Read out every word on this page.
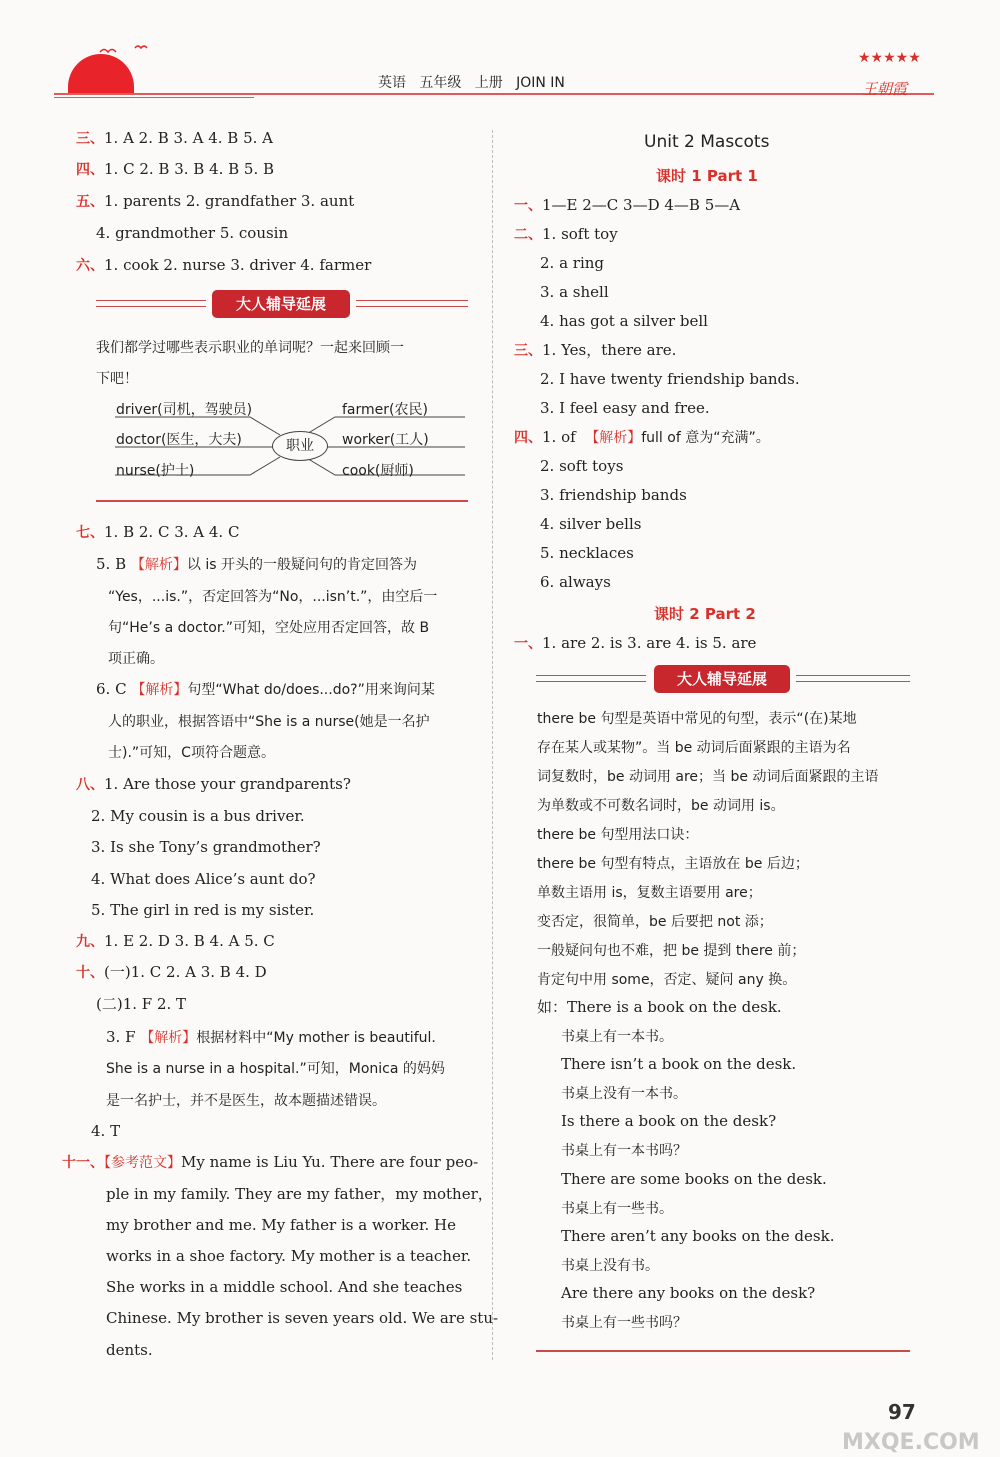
英语 五年级 上册 JOIN IN
★★★★★
王朝霞
三、1. A 2. B 3. A 4. B 5. A
四、1. C 2. B 3. B 4. B 5. B
五、1. parents 2. grandfather 3. aunt
4. grandmother 5. cousin
六、1. cook 2. nurse 3. driver 4. farmer
大人辅导延展
我们都学过哪些表示职业的单词呢？一起来回顾一
下吧！
职业
driver(司机，驾驶员)
doctor(医生，大夫)
nurse(护士)
farmer(农民)
worker(工人)
cook(厨师)
七、1. B 2. C 3. A 4. C
5. B 【解析】以 is 开头的一般疑问句的肯定回答为
“Yes，...is.”，否定回答为“No，...isn’t.”，由空后一
句“He’s a doctor.”可知，空处应用否定回答，故 B
项正确。
6. C 【解析】句型“What do/does...do?”用来询问某
人的职业，根据答语中“She is a nurse(她是一名护
士).”可知，C项符合题意。
八、1. Are those your grandparents?
2. My cousin is a bus driver.
3. Is she Tony’s grandmother?
4. What does Alice’s aunt do?
5. The girl in red is my sister.
九、1. E 2. D 3. B 4. A 5. C
十、(一)1. C 2. A 3. B 4. D
(二)1. F 2. T
3. F 【解析】根据材料中“My mother is beautiful.
She is a nurse in a hospital.”可知，Monica 的妈妈
是一名护士，并不是医生，故本题描述错误。
4. T
十一、【参考范文】My name is Liu Yu. There are four peo-
ple in my family. They are my father，my mother，
my brother and me. My father is a worker. He
works in a shoe factory. My mother is a teacher.
She works in a middle school. And she teaches
Chinese. My brother is seven years old. We are stu-
dents.
Unit 2 Mascots
课时 1 Part 1
一、1—E 2—C 3—D 4—B 5—A
二、1. soft toy
2. a ring
3. a shell
4. has got a silver bell
三、1. Yes，there are.
2. I have twenty friendship bands.
3. I feel easy and free.
四、1. of 【解析】full of 意为“充满”。
2. soft toys
3. friendship bands
4. silver bells
5. necklaces
6. always
课时 2 Part 2
一、1. are 2. is 3. are 4. is 5. are
大人辅导延展
there be 句型是英语中常见的句型，表示“(在)某地
存在某人或某物”。当 be 动词后面紧跟的主语为名
词复数时，be 动词用 are；当 be 动词后面紧跟的主语
为单数或不可数名词时，be 动词用 is。
there be 句型用法口诀：
there be 句型有特点，主语放在 be 后边；
单数主语用 is，复数主语要用 are；
变否定，很简单，be 后要把 not 添；
一般疑问句也不难，把 be 提到 there 前；
肯定句中用 some，否定、疑问 any 换。
如：There is a book on the desk.
书桌上有一本书。
There isn’t a book on the desk.
书桌上没有一本书。
Is there a book on the desk?
书桌上有一本书吗？
There are some books on the desk.
书桌上有一些书。
There aren’t any books on the desk.
书桌上没有书。
Are there any books on the desk?
书桌上有一些书吗？
97
MXQE.COM
